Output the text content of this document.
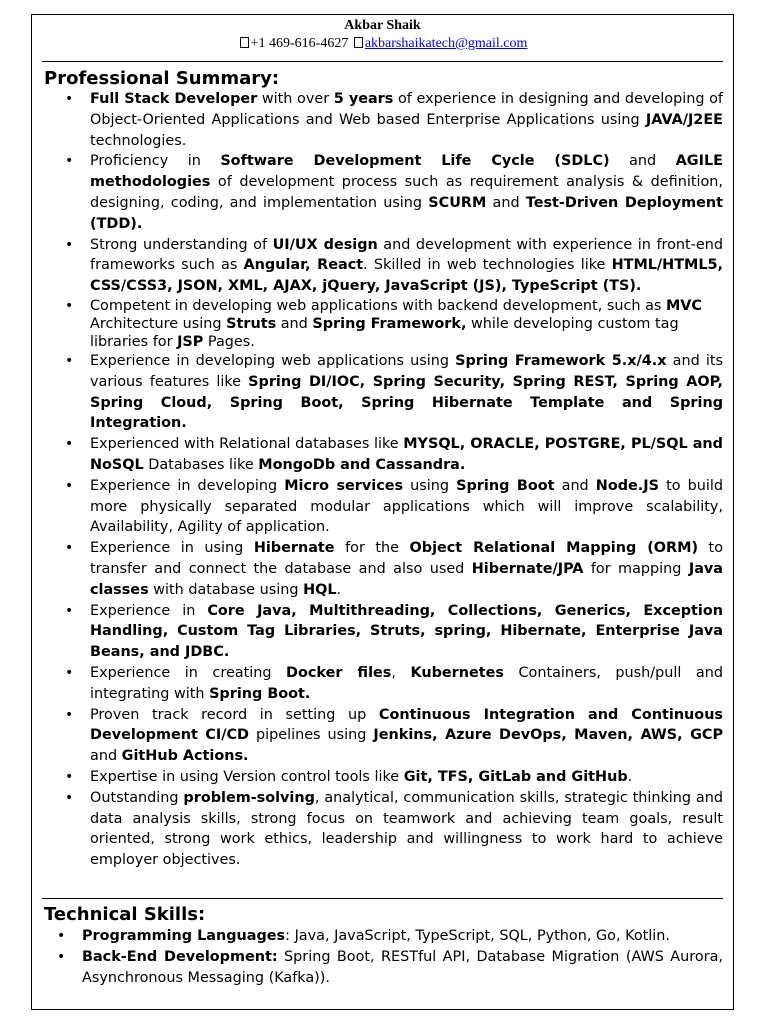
Akbar Shaik
+1 469-616-4627 akbarshaikatech@gmail.com
Professional Summary:
• Full Stack Developer with over 5 years of experience in designing and developing of Object-Oriented Applications and Web based Enterprise Applications using JAVA/J2EE technologies.
• Proficiency in Software Development Life Cycle (SDLC) and AGILE methodologies of development process such as requirement analysis & definition, designing, coding, and implementation using SCURM and Test-Driven Deployment (TDD).
• Strong understanding of UI/UX design and development with experience in front-end frameworks such as Angular, React. Skilled in web technologies like HTML/HTML5, CSS/CSS3, JSON, XML, AJAX, jQuery, JavaScript (JS), TypeScript (TS).
• Competent in developing web applications with backend development, such as MVC Architecture using Struts and Spring Framework, while developing custom tag libraries for JSP Pages.
• Experience in developing web applications using Spring Framework 5.x/4.x and its various features like Spring DI/IOC, Spring Security, Spring REST, Spring AOP, Spring Cloud, Spring Boot, Spring Hibernate Template and Spring Integration.
• Experienced with Relational databases like MYSQL, ORACLE, POSTGRE, PL/SQL and NoSQL Databases like MongoDb and Cassandra.
• Experience in developing Micro services using Spring Boot and Node.JS to build more physically separated modular applications which will improve scalability, Availability, Agility of application.
• Experience in using Hibernate for the Object Relational Mapping (ORM) to transfer and connect the database and also used Hibernate/JPA for mapping Java classes with database using HQL.
• Experience in Core Java, Multithreading, Collections, Generics, Exception Handling, Custom Tag Libraries, Struts, spring, Hibernate, Enterprise Java Beans, and JDBC.
• Experience in creating Docker files, Kubernetes Containers, push/pull and integrating with Spring Boot.
• Proven track record in setting up Continuous Integration and Continuous Development CI/CD pipelines using Jenkins, Azure DevOps, Maven, AWS, GCP and GitHub Actions.
• Expertise in using Version control tools like Git, TFS, GitLab and GitHub.
• Outstanding problem-solving, analytical, communication skills, strategic thinking and data analysis skills, strong focus on teamwork and achieving team goals, result oriented, strong work ethics, leadership and willingness to work hard to achieve employer objectives.
Technical Skills:
• Programming Languages: Java, JavaScript, TypeScript, SQL, Python, Go, Kotlin.
• Back-End Development: Spring Boot, RESTful API, Database Migration (AWS Aurora, Asynchronous Messaging (Kafka)).
